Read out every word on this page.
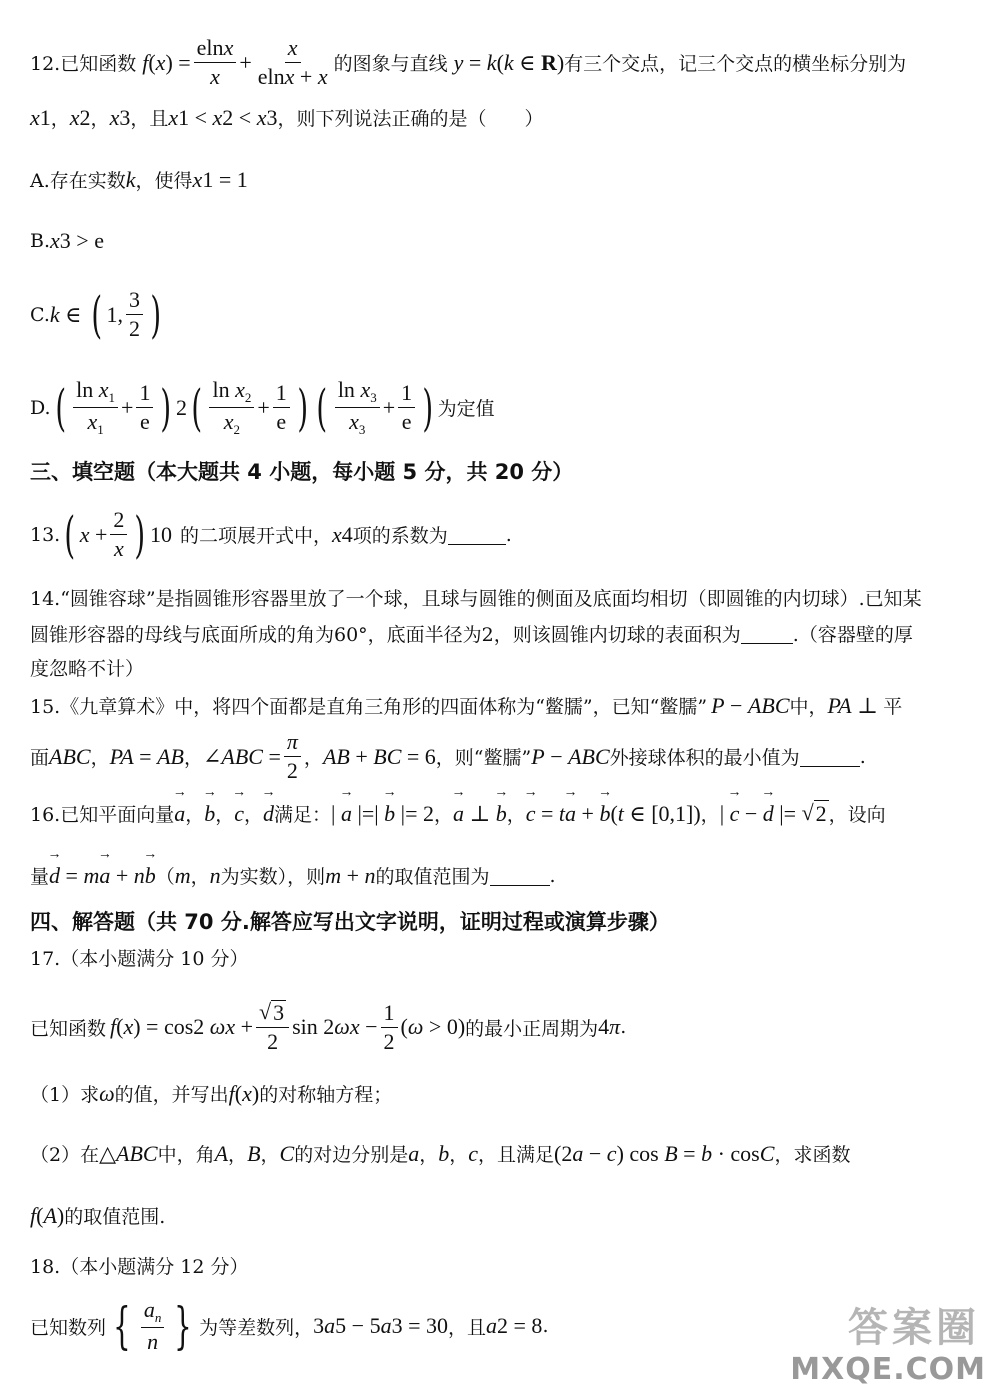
12.已知函数 f ( x ) = $\frac{elnx}{x} + \frac{x}{elnx + x}$ 的图象与直线 y = k ( k ∈ R) 有三个交点，记三个交点的横坐标分别为
x 1 ， x 2 ， x 3 ，且 x 1 < x 2 < x 3 ，则下列说法正确的是（　　）
A.存在实数 k ，使得 x 1 = 1
B. x 3 > e
C. k ∈ ( 1, $\frac{3}{2}$ )
D. ( $\frac{\ln x_1}{x_1} + \frac{1}{e}$ ) 2 ( $\frac{\ln x_2}{x_2} + \frac{1}{e}$ ) ( $\frac{\ln x_3}{x_3} + \frac{1}{e}$ ) 为定值
三、填空题（本大题共 4 小题，每小题 5 分，共 20 分）
13. ( $x + \frac{2}{x}$ ) 10 的二项展开式中， x 4 项的系数为	.
14.“圆锥容球”是指圆锥形容器里放了一个球，且球与圆锥的侧面及底面均相切（即圆锥的内切球）.已知某
圆锥形容器的母线与底面所成的角为60°，底面半径为2，则该圆锥内切球的表面积为	.（容器壁的厚
度忽略不计）
15.《九章算术》中，将四个面都是直角三角形的四面体称为“鳖臑”，已知“鳖臑” P − ABC 中， PA ⊥ 平
面 ABC ， PA = AB ， ∠ ABC = $\frac{\pi}{2}$ ， AB + BC = 6 ，则“鳖臑” P − ABC 外接球体积的最小值为	.
16.已知平面向量 → a ， → b ， → c ， → d 满足： | → a |=| → b |= 2 ， → a ⊥ → b ， → c = t → a + → b ( t ∈ [0,1]) ， | → c − → d |= √ 2 ，设向
量 → d = m → a + n → b （ m ， n 为实数），则 m + n 的取值范围为	.
四、解答题（共 70 分.解答应写出文字说明，证明过程或演算步骤）
17.（本小题满分 10 分）
已知函数 f ( x ) = cos 2 $\omega x + \frac{√ 3}{2}$ sin 2 $\omega x - \frac{1}{2}$ ( ω > 0) 的最小正周期为 4 π .
（1）求 ω 的值，并写出 f ( x ) 的对称轴方程；
（2）在 △ ABC 中，角 A ， B ， C 的对边分别是 a ， b ， c ，且满足 (2 a − c ) cos B = b · cos C ，求函数
f ( A ) 的取值范围.
18.（本小题满分 12 分）
已知数列 { $\frac{a_n}{n}$ } 为等差数列， 3 a 5 − 5 a 3 = 30 ，且 a 2 = 8 .	答案圈
MXQE.COM
